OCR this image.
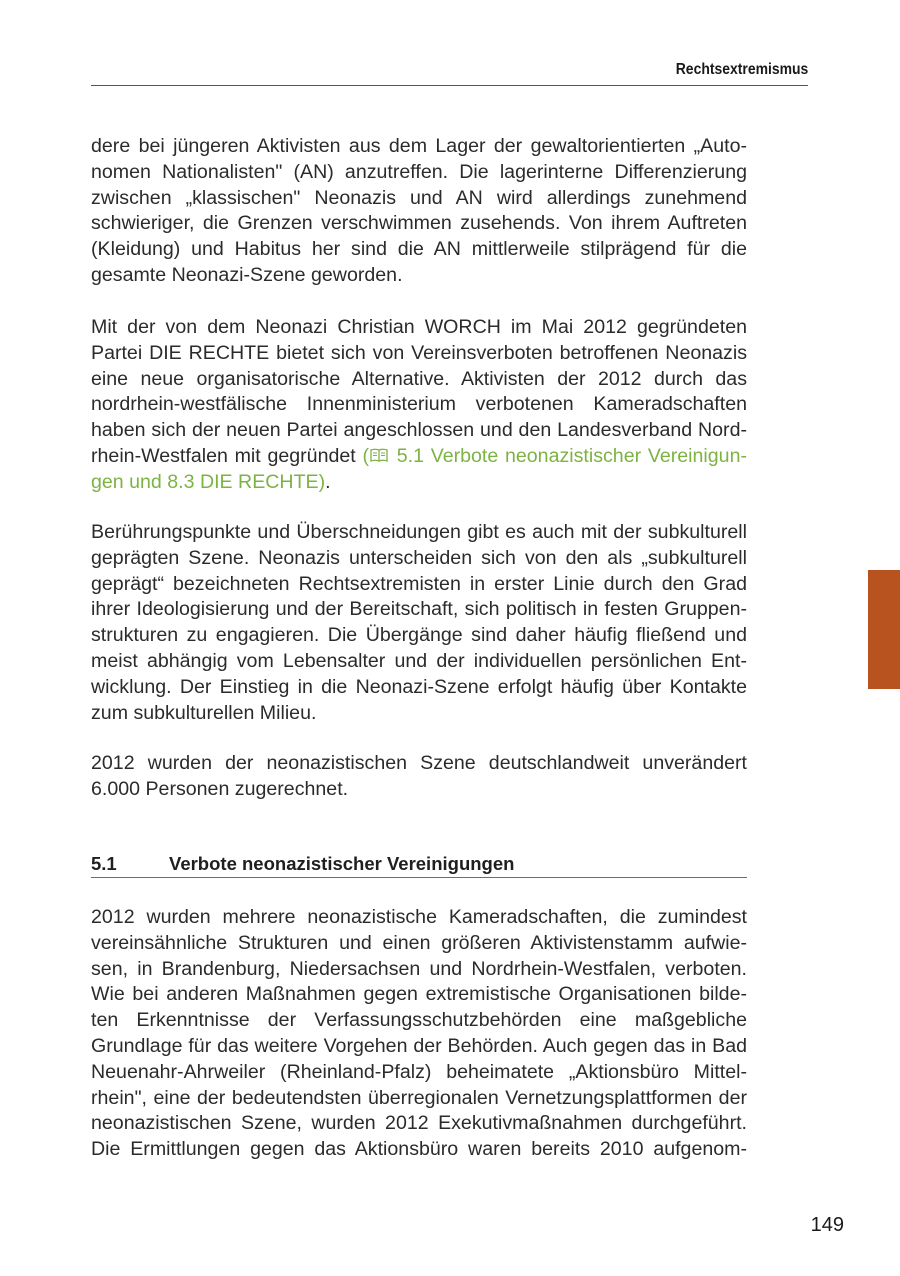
Rechtsextremismus
dere bei jüngeren Aktivisten aus dem Lager der gewaltorientierten „Auto-
nomen Nationalisten" (AN) anzutreffen. Die lagerinterne Differenzierung
zwischen „klassischen" Neonazis und AN wird allerdings zunehmend
schwieriger, die Grenzen verschwimmen zusehends. Von ihrem Auftreten
(Kleidung) und Habitus her sind die AN mittlerweile stilprägend für die
gesamte Neonazi-Szene geworden.
Mit der von dem Neonazi Christian WORCH im Mai 2012 gegründeten
Partei DIE RECHTE bietet sich von Vereinsverboten betroffenen Neonazis
eine neue organisatorische Alternative. Aktivisten der 2012 durch das
nordrhein-westfälische Innenministerium verbotenen Kameradschaften
haben sich der neuen Partei angeschlossen und den Landesverband Nord-
rhein-Westfalen mit gegründet ( 5.1 Verbote neonazistischer Vereinigun-
gen und 8.3 DIE RECHTE).
Berührungspunkte und Überschneidungen gibt es auch mit der subkulturell
geprägten Szene. Neonazis unterscheiden sich von den als „subkulturell
geprägt“ bezeichneten Rechtsextremisten in erster Linie durch den Grad
ihrer Ideologisierung und der Bereitschaft, sich politisch in festen Gruppen-
strukturen zu engagieren. Die Übergänge sind daher häufig fließend und
meist abhängig vom Lebensalter und der individuellen persönlichen Ent-
wicklung. Der Einstieg in die Neonazi-Szene erfolgt häufig über Kontakte
zum subkulturellen Milieu.
2012 wurden der neonazistischen Szene deutschlandweit unverändert
6.000 Personen zugerechnet.
5.1	Verbote neonazistischer Vereinigungen
2012 wurden mehrere neonazistische Kameradschaften, die zumindest
vereinsähnliche Strukturen und einen größeren Aktivistenstamm aufwie-
sen, in Brandenburg, Niedersachsen und Nordrhein-Westfalen, verboten.
Wie bei anderen Maßnahmen gegen extremistische Organisationen bilde-
ten Erkenntnisse der Verfassungsschutzbehörden eine maßgebliche
Grundlage für das weitere Vorgehen der Behörden. Auch gegen das in Bad
Neuenahr-Ahrweiler (Rheinland-Pfalz) beheimatete „Aktionsbüro Mittel-
rhein", eine der bedeutendsten überregionalen Vernetzungsplattformen der
neonazistischen Szene, wurden 2012 Exekutivmaßnahmen durchgeführt.
Die Ermittlungen gegen das Aktionsbüro waren bereits 2010 aufgenom-
149
